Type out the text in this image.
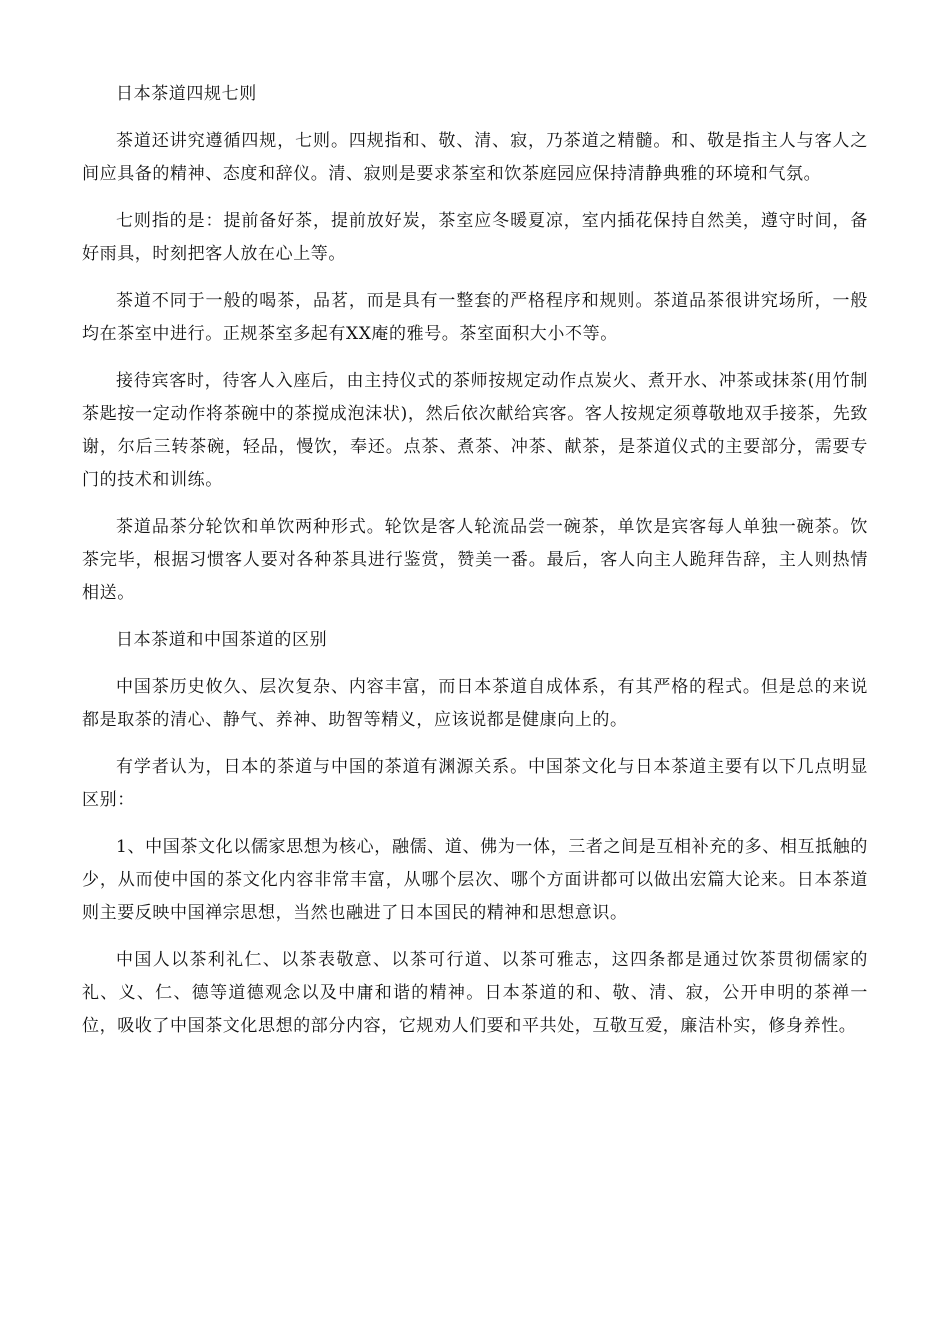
日本茶道四规七则

茶道还讲究遵循四规，七则。四规指和、敬、清、寂，乃茶道之精髓。和、敬是指主人与客人之间应具备的精神、态度和辞仪。清、寂则是要求茶室和饮茶庭园应保持清静典雅的环境和气氛。

七则指的是：提前备好茶，提前放好炭，茶室应冬暖夏凉，室内插花保持自然美，遵守时间，备好雨具，时刻把客人放在心上等。

茶道不同于一般的喝茶，品茗，而是具有一整套的严格程序和规则。茶道品茶很讲究场所，一般均在茶室中进行。正规茶室多起有XX庵的雅号。茶室面积大小不等。

接待宾客时，待客人入座后，由主持仪式的茶师按规定动作点炭火、煮开水、冲茶或抹茶(用竹制茶匙按一定动作将茶碗中的茶搅成泡沫状)，然后依次献给宾客。客人按规定须尊敬地双手接茶，先致谢，尔后三转茶碗，轻品，慢饮，奉还。点茶、煮茶、冲茶、献茶，是茶道仪式的主要部分，需要专门的技术和训练。

茶道品茶分轮饮和单饮两种形式。轮饮是客人轮流品尝一碗茶，单饮是宾客每人单独一碗茶。饮茶完毕，根据习惯客人要对各种茶具进行鉴赏，赞美一番。最后，客人向主人跪拜告辞，主人则热情相送。

日本茶道和中国茶道的区别

中国茶历史攸久、层次复杂、内容丰富，而日本茶道自成体系，有其严格的程式。但是总的来说都是取茶的清心、静气、养神、助智等精义，应该说都是健康向上的。

有学者认为，日本的茶道与中国的茶道有渊源关系。中国茶文化与日本茶道主要有以下几点明显区别：

1、中国茶文化以儒家思想为核心，融儒、道、佛为一体，三者之间是互相补充的多、相互抵触的少，从而使中国的茶文化内容非常丰富，从哪个层次、哪个方面讲都可以做出宏篇大论来。日本茶道则主要反映中国禅宗思想，当然也融进了日本国民的精神和思想意识。

中国人以茶利礼仁、以茶表敬意、以茶可行道、以茶可雅志，这四条都是通过饮茶贯彻儒家的礼、义、仁、德等道德观念以及中庸和谐的精神。日本茶道的和、敬、清、寂，公开申明的茶禅一位，吸收了中国茶文化思想的部分内容，它规劝人们要和平共处，互敬互爱，廉洁朴实，修身养性。
